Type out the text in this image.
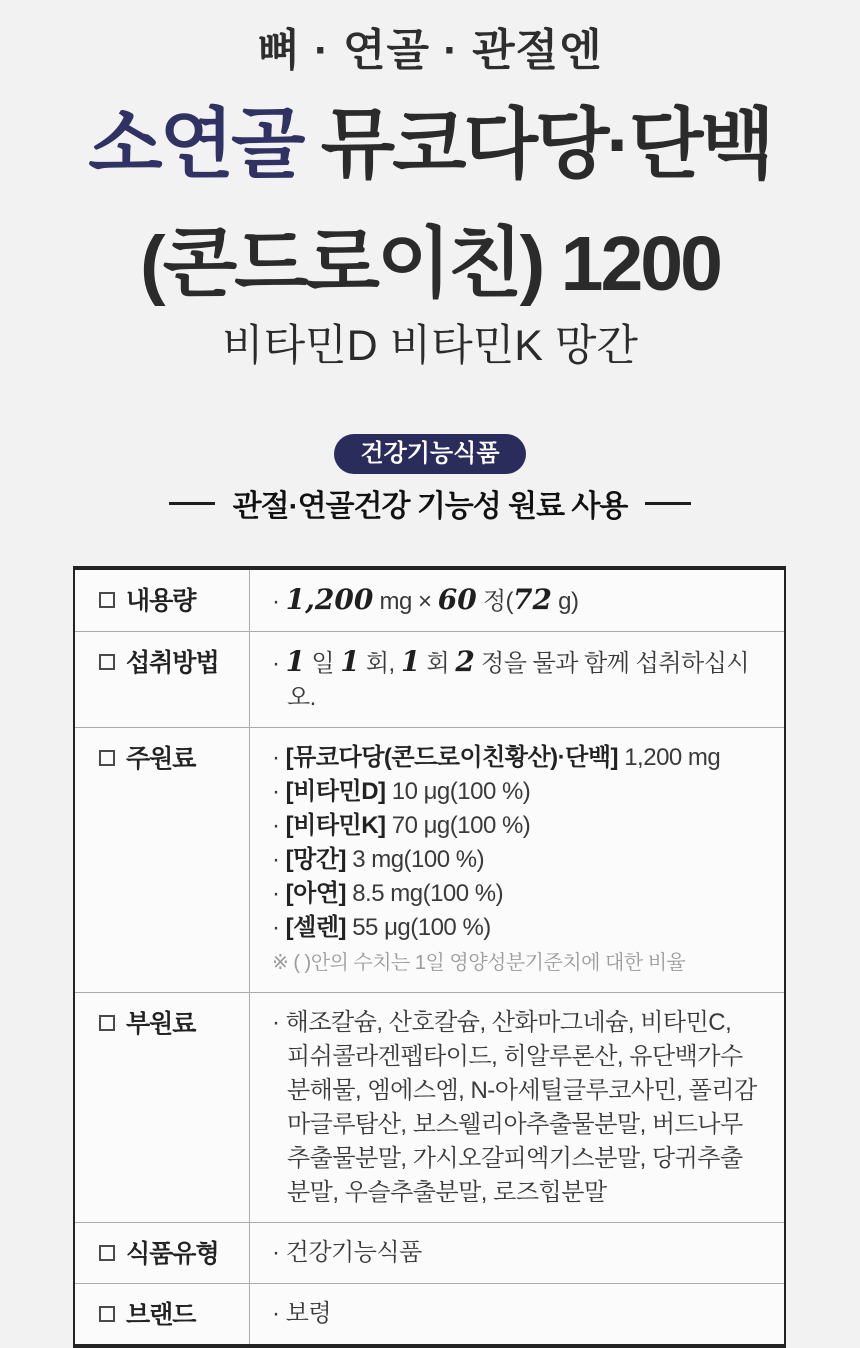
뼈 · 연골 · 관절엔
소연골 뮤코다당·단백
(콘드로이친) 1200
비타민D 비타민K 망간
건강기능식품
관절·연골건강 기능성 원료 사용
내용량	· 1,200 mg × 60 정(72 g)
섭취방법 · 1 일 1 회, 1 회 2 정을 물과 함께 섭취하십시오.
주원료	· [뮤코다당(콘드로이친황산)·단백] 1,200 mg
· [비타민D] 10 μg(100 %)
· [비타민K] 70 μg(100 %)
· [망간] 3 mg(100 %)
· [아연] 8.5 mg(100 %)
· [셀렌] 55 μg(100 %)
※ ( )안의 수치는 1일 영양성분기준치에 대한 비율
부원료	· 해조칼슘, 산호칼슘, 산화마그네슘, 비타민C, 피쉬콜라겐펩타이드, 히알루론산, 유단백가수분해물, 엠에스엠, N-아세틸글루코사민, 폴리감마글루탐산, 보스웰리아추출물분말, 버드나무추출물분말, 가시오갈피엑기스분말, 당귀추출분말, 우슬추출분말, 로즈힙분말
식품유형 · 건강기능식품
브랜드	· 보령
